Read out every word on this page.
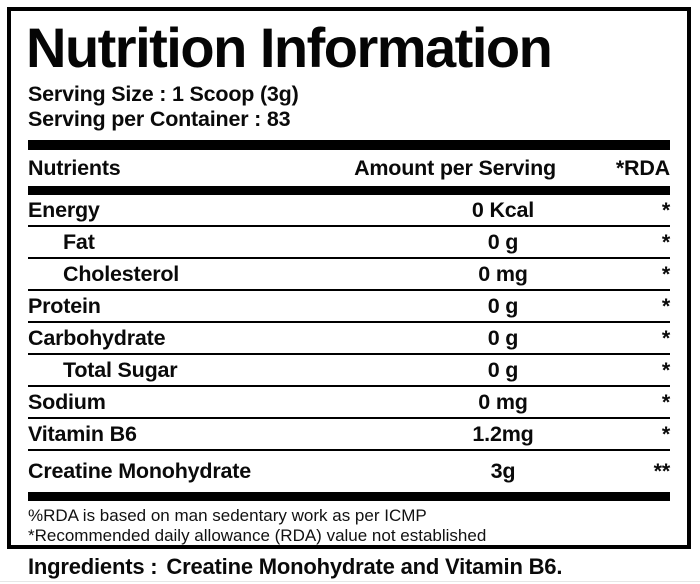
Nutrition Information
Serving Size : 1 Scoop (3g)
Serving per Container : 83
Nutrients	Amount per Serving	*RDA
Energy	0 Kcal	*
Fat	0 g	*
Cholesterol	0 mg	*
Protein	0 g	*
Carbohydrate	0 g	*
Total Sugar	0 g	*
Sodium	0 mg	*
Vitamin B6	1.2mg	*
Creatine Monohydrate	3g	**
%RDA is based on man sedentary work as per ICMP
*Recommended daily allowance (RDA) value not established
Ingredients : Creatine Monohydrate and Vitamin B6.
